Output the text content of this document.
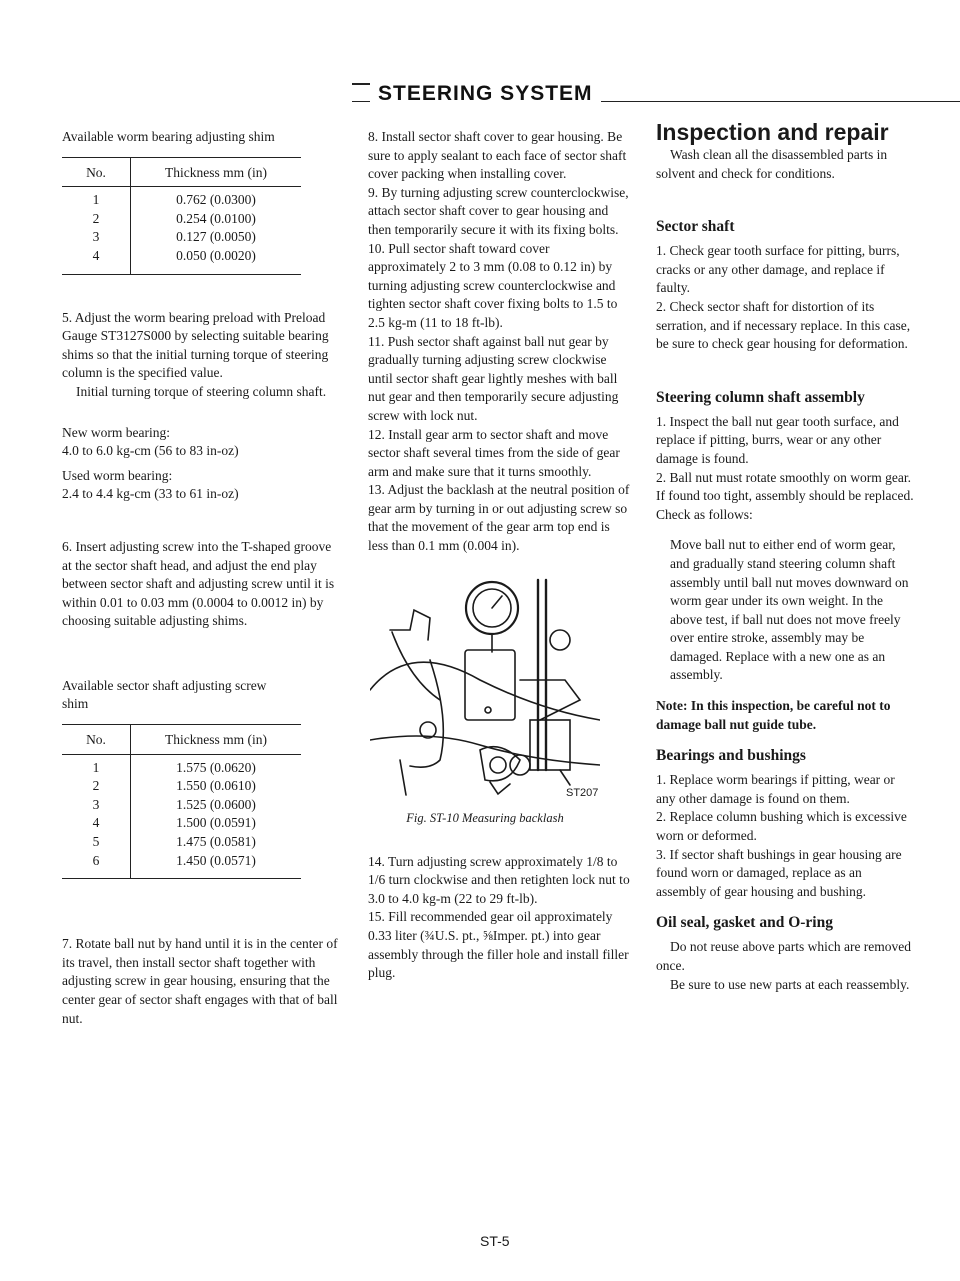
STEERING SYSTEM

Available worm bearing adjusting shim

No.	Thickness mm (in)
1	0.762 (0.0300)
2	0.254 (0.0100)
3	0.127 (0.0050)
4	0.050 (0.0020)

5. Adjust the worm bearing preload with Preload Gauge ST3127S000 by selecting suitable bearing shims so that the initial turning torque of steering column is the specified value.

Initial turning torque of steering column shaft.

New worm bearing:

4.0 to 6.0 kg-cm (56 to 83 in-oz)

Used worm bearing:

2.4 to 4.4 kg-cm (33 to 61 in-oz)

6. Insert adjusting screw into the T-shaped groove at the sector shaft head, and adjust the end play between sector shaft and adjusting screw until it is within 0.01 to 0.03 mm (0.0004 to 0.0012 in) by choosing suitable adjusting shims.

Available sector shaft adjusting screw shim

No.	Thickness mm (in)
1	1.575 (0.0620)
2	1.550 (0.0610)
3	1.525 (0.0600)
4	1.500 (0.0591)
5	1.475 (0.0581)
6	1.450 (0.0571)

7. Rotate ball nut by hand until it is in the center of its travel, then install sector shaft together with adjusting screw in gear housing, ensuring that the center gear of sector shaft engages with that of ball nut.

8. Install sector shaft cover to gear housing. Be sure to apply sealant to each face of sector shaft cover packing when installing cover.

9. By turning adjusting screw counterclockwise, attach sector shaft cover to gear housing and then temporarily secure it with its fixing bolts.

10. Pull sector shaft toward cover approximately 2 to 3 mm (0.08 to 0.12 in) by turning adjusting screw counterclockwise and tighten sector shaft cover fixing bolts to 1.5 to 2.5 kg-m (11 to 18 ft-lb).

11. Push sector shaft against ball nut gear by gradually turning adjusting screw clockwise until sector shaft gear lightly meshes with ball nut gear and then temporarily secure adjusting screw with lock nut.

12. Install gear arm to sector shaft and move sector shaft several times from the side of gear arm and make sure that it turns smoothly.

13. Adjust the backlash at the neutral position of gear arm by turning in or out adjusting screw so that the movement of the gear arm top end is less than 0.1 mm (0.004 in).

ST207
Fig. ST-10 Measuring backlash

14. Turn adjusting screw approximately 1/8 to 1/6 turn clockwise and then retighten lock nut to 3.0 to 4.0 kg-m (22 to 29 ft-lb).

15. Fill recommended gear oil approximately 0.33 liter (¾U.S. pt., ⅝Imper. pt.) into gear assembly through the filler hole and install filler plug.

Inspection and repair

Wash clean all the disassembled parts in solvent and check for conditions.

Sector shaft

1. Check gear tooth surface for pitting, burrs, cracks or any other damage, and replace if faulty.

2. Check sector shaft for distortion of its serration, and if necessary replace. In this case, be sure to check gear housing for deformation.

Steering column shaft assembly

1. Inspect the ball nut gear tooth surface, and replace if pitting, burrs, wear or any other damage is found.

2. Ball nut must rotate smoothly on worm gear. If found too tight, assembly should be replaced. Check as follows:

Move ball nut to either end of worm gear, and gradually stand steering column shaft assembly until ball nut moves downward on worm gear under its own weight. In the above test, if ball nut does not move freely over entire stroke, assembly may be damaged. Replace with a new one as an assembly.

Note: In this inspection, be careful not to damage ball nut guide tube.

Bearings and bushings

1. Replace worm bearings if pitting, wear or any other damage is found on them.

2. Replace column bushing which is excessive worn or deformed.

3. If sector shaft bushings in gear housing are found worn or damaged, replace as an assembly of gear housing and bushing.

Oil seal, gasket and O-ring

Do not reuse above parts which are removed once.

Be sure to use new parts at each reassembly.

ST-5
